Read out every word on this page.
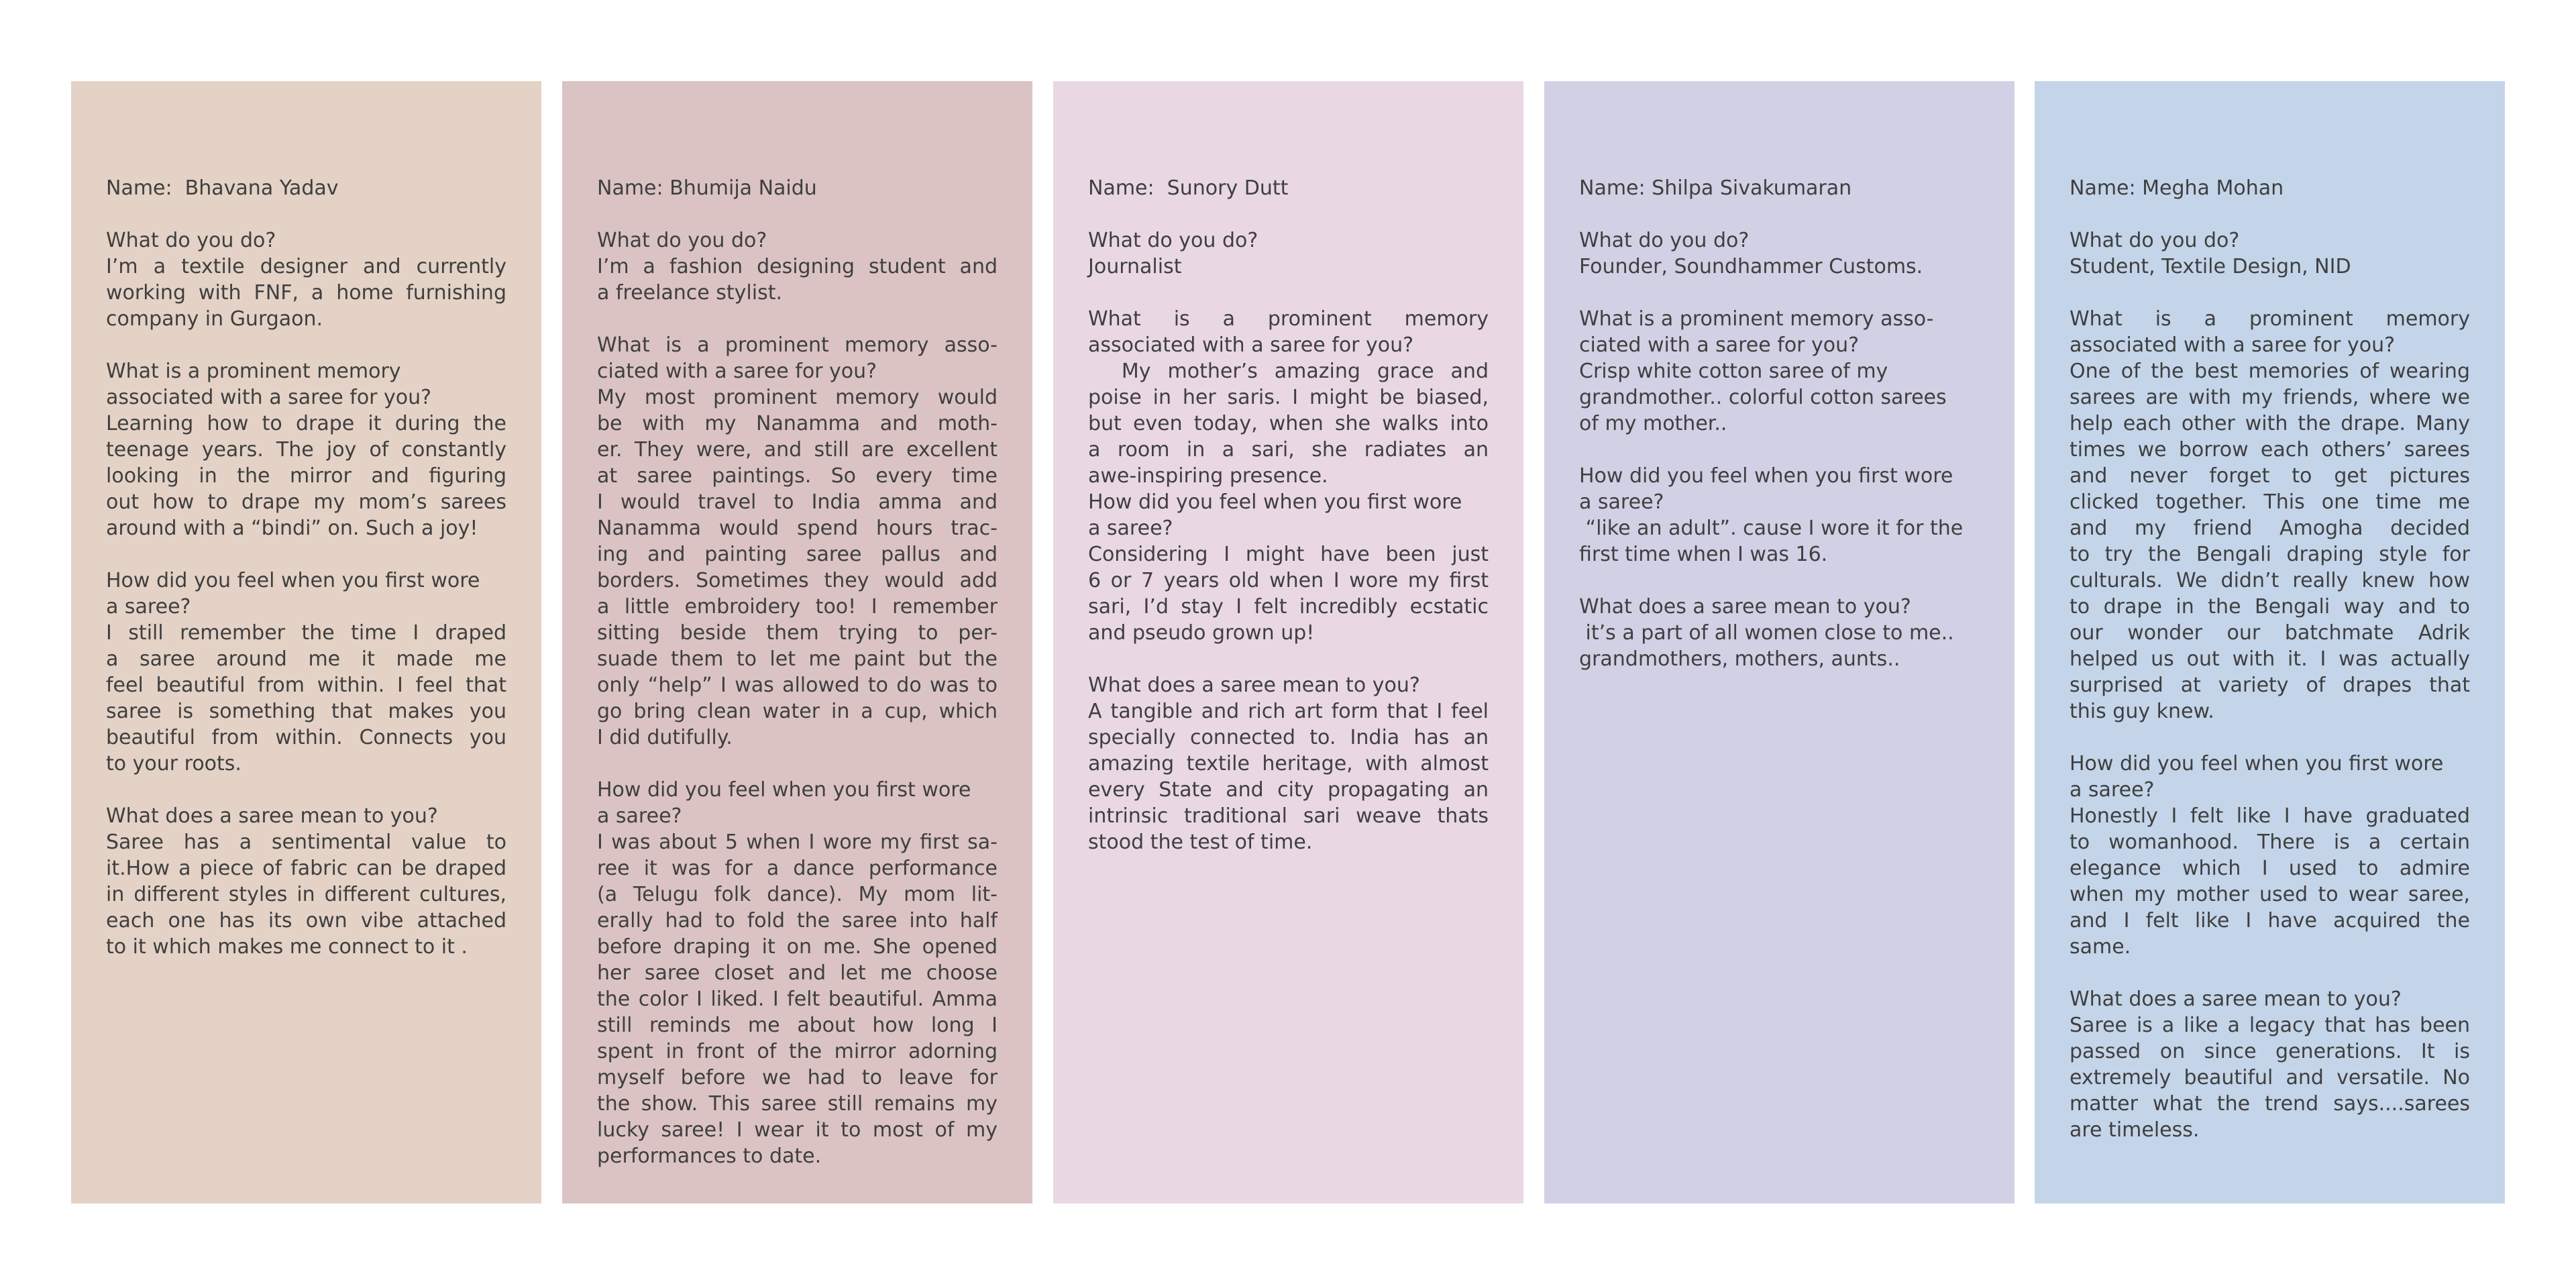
Name:  Bhavana Yadav
What do you do?
I’m a textile designer and currently
working with FNF, a home furnishing
company in Gurgaon.
What is a prominent memory
associated with a saree for you?
Learning how to drape it during the
teenage years. The joy of constantly
looking in the mirror and figuring
out how to drape my mom’s sarees
around with a “bindi” on. Such a joy!
How did you feel when you first wore
a saree?
I still remember the time I draped
a saree around me it made me
feel beautiful from within. I feel that
saree is something that makes you
beautiful from within. Connects you
to your roots.
What does a saree mean to you?
Saree has a sentimental value to
it.How a piece of fabric can be draped
in different styles in different cultures,
each one has its own vibe attached
to it which makes me connect to it .
Name: Bhumija Naidu
What do you do?
I’m a fashion designing student and
a freelance stylist.
What is a prominent memory asso-
ciated with a saree for you?
My most prominent memory would
be with my Nanamma and moth-
er. They were, and still are excellent
at saree paintings. So every time
I would travel to India amma and
Nanamma would spend hours trac-
ing and painting saree pallus and
borders. Sometimes they would add
a little embroidery too! I remember
sitting beside them trying to per-
suade them to let me paint but the
only “help” I was allowed to do was to
go bring clean water in a cup, which
I did dutifully.
How did you feel when you first wore
a saree?
I was about 5 when I wore my first sa-
ree it was for a dance performance
(a Telugu folk dance). My mom lit-
erally had to fold the saree into half
before draping it on me. She opened
her saree closet and let me choose
the color I liked. I felt beautiful. Amma
still reminds me about how long I
spent in front of the mirror adorning
myself before we had to leave for
the show. This saree still remains my
lucky saree! I wear it to most of my
performances to date.
Name:  Sunory Dutt
What do you do?
Journalist
What is a prominent memory
associated with a saree for you?
My mother’s amazing grace and
poise in her saris. I might be biased,
but even today, when she walks into
a room in a sari, she radiates an
awe-inspiring presence.
How did you feel when you first wore
a saree?
Considering I might have been just
6 or 7 years old when I wore my first
sari, I’d stay I felt incredibly ecstatic
and pseudo grown up!
What does a saree mean to you?
A tangible and rich art form that I feel
specially connected to. India has an
amazing textile heritage, with almost
every State and city propagating an
intrinsic traditional sari weave thats
stood the test of time.
Name: Shilpa Sivakumaran
What do you do?
Founder, Soundhammer Customs.
What is a prominent memory asso-
ciated with a saree for you?
Crisp white cotton saree of my
grandmother.. colorful cotton sarees
of my mother..
How did you feel when you first wore
a saree?
“like an adult”. cause I wore it for the
first time when I was 16.
What does a saree mean to you?
it’s a part of all women close to me..
grandmothers, mothers, aunts..
Name: Megha Mohan
What do you do?
Student, Textile Design, NID
What is a prominent memory
associated with a saree for you?
One of the best memories of wearing
sarees are with my friends, where we
help each other with the drape. Many
times we borrow each others’ sarees
and never forget to get pictures
clicked together. This one time me
and my friend Amogha decided
to try the Bengali draping style for
culturals. We didn’t really knew how
to drape in the Bengali way and to
our wonder our batchmate Adrik
helped us out with it. I was actually
surprised at variety of drapes that
this guy knew.
How did you feel when you first wore
a saree?
Honestly I felt like I have graduated
to womanhood. There is a certain
elegance which I used to admire
when my mother used to wear saree,
and I felt like I have acquired the
same.
What does a saree mean to you?
Saree is a like a legacy that has been
passed on since generations. It is
extremely beautiful and versatile. No
matter what the trend says....sarees
are timeless.
